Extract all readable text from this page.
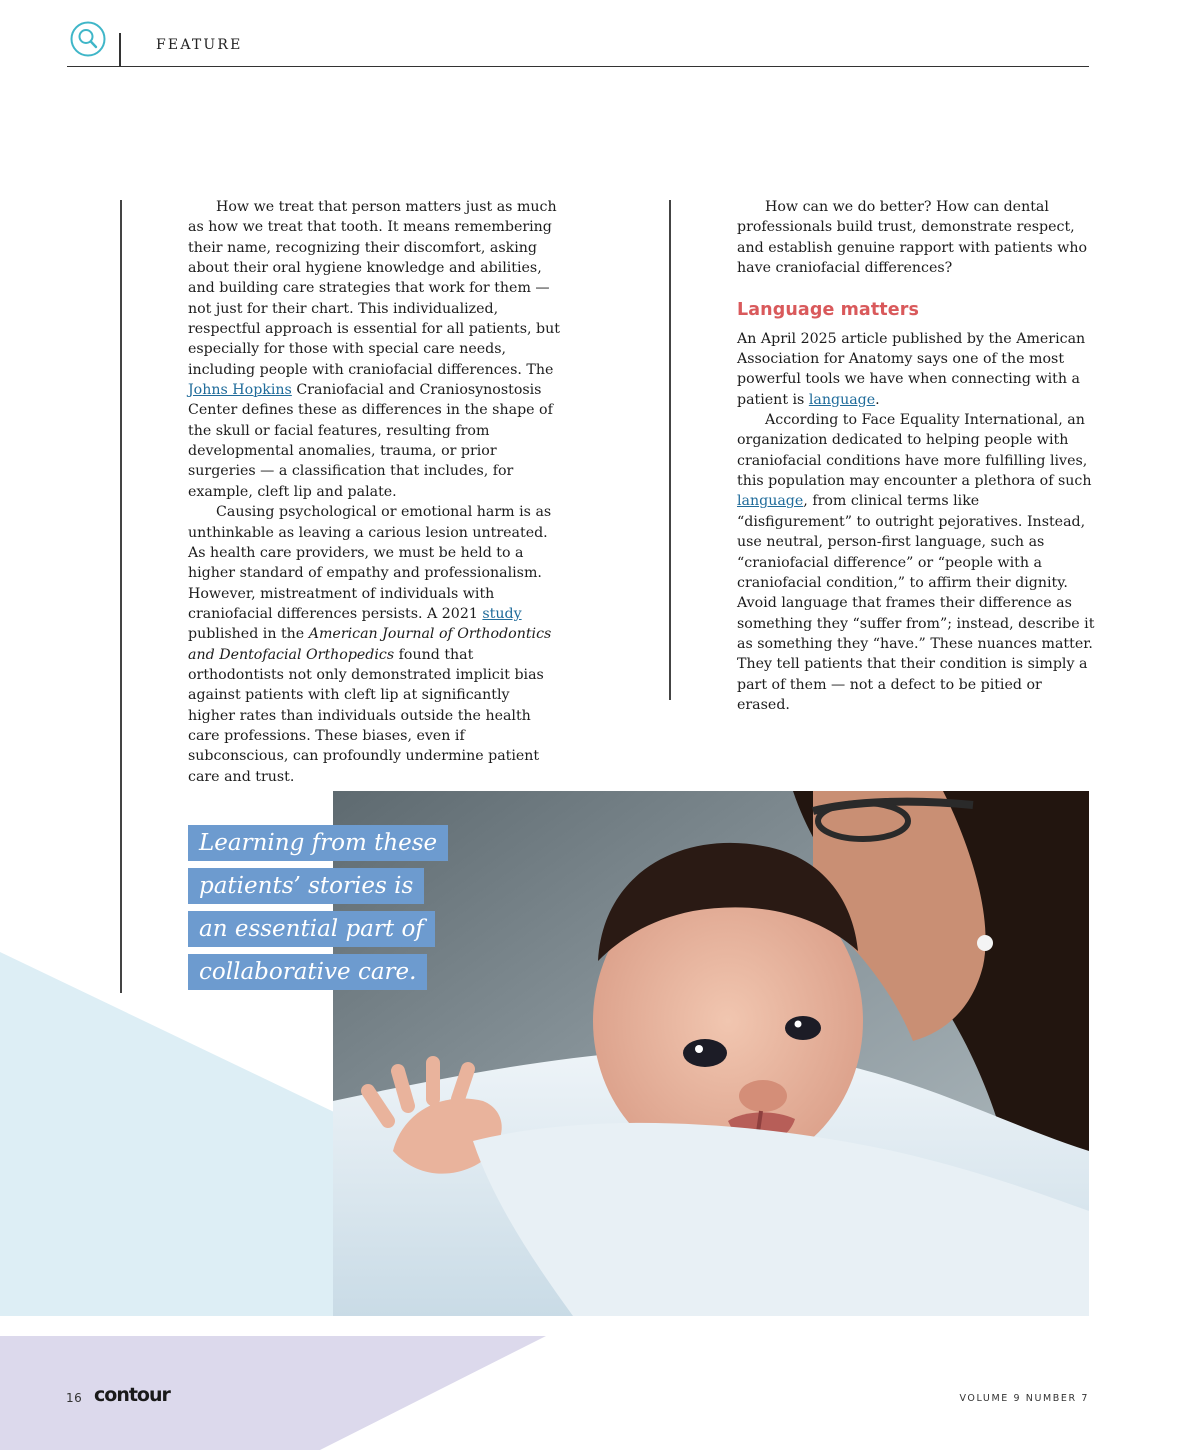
FEATURE

How we treat that person matters just as much as how we treat that tooth. It means remembering their name, recognizing their discomfort, asking about their oral hygiene knowledge and abilities, and building care strategies that work for them — not just for their chart. This individualized, respectful approach is essential for all patients, but especially for those with special care needs, including people with craniofacial differences. The Johns Hopkins Craniofacial and Craniosynostosis Center defines these as differences in the shape of the skull or facial features, resulting from developmental anomalies, trauma, or prior surgeries — a classification that includes, for example, cleft lip and palate.

Causing psychological or emotional harm is as unthinkable as leaving a carious lesion untreated. As health care providers, we must be held to a higher standard of empathy and professionalism. However, mistreatment of individuals with craniofacial differences persists. A 2021 study published in the American Journal of Orthodontics and Dentofacial Orthopedics found that orthodontists not only demonstrated implicit bias against patients with cleft lip at significantly higher rates than individuals outside the health care professions. These biases, even if subconscious, can profoundly undermine patient care and trust.

How can we do better? How can dental professionals build trust, demonstrate respect, and establish genuine rapport with patients who have craniofacial differences?

Language matters

An April 2025 article published by the American Association for Anatomy says one of the most powerful tools we have when connecting with a patient is language.

According to Face Equality International, an organization dedicated to helping people with craniofacial conditions have more fulfilling lives, this population may encounter a plethora of such language, from clinical terms like “disfigurement” to outright pejoratives. Instead, use neutral, person-first language, such as “craniofacial difference” or “people with a craniofacial condition,” to affirm their dignity. Avoid language that frames their difference as something they “suffer from”; instead, describe it as something they “have.” These nuances matter. They tell patients that their condition is simply a part of them — not a defect to be pitied or erased.

Learning from these
patients’ stories is
an essential part of
collaborative care.
16 contour	VOLUME 9 NUMBER 7
